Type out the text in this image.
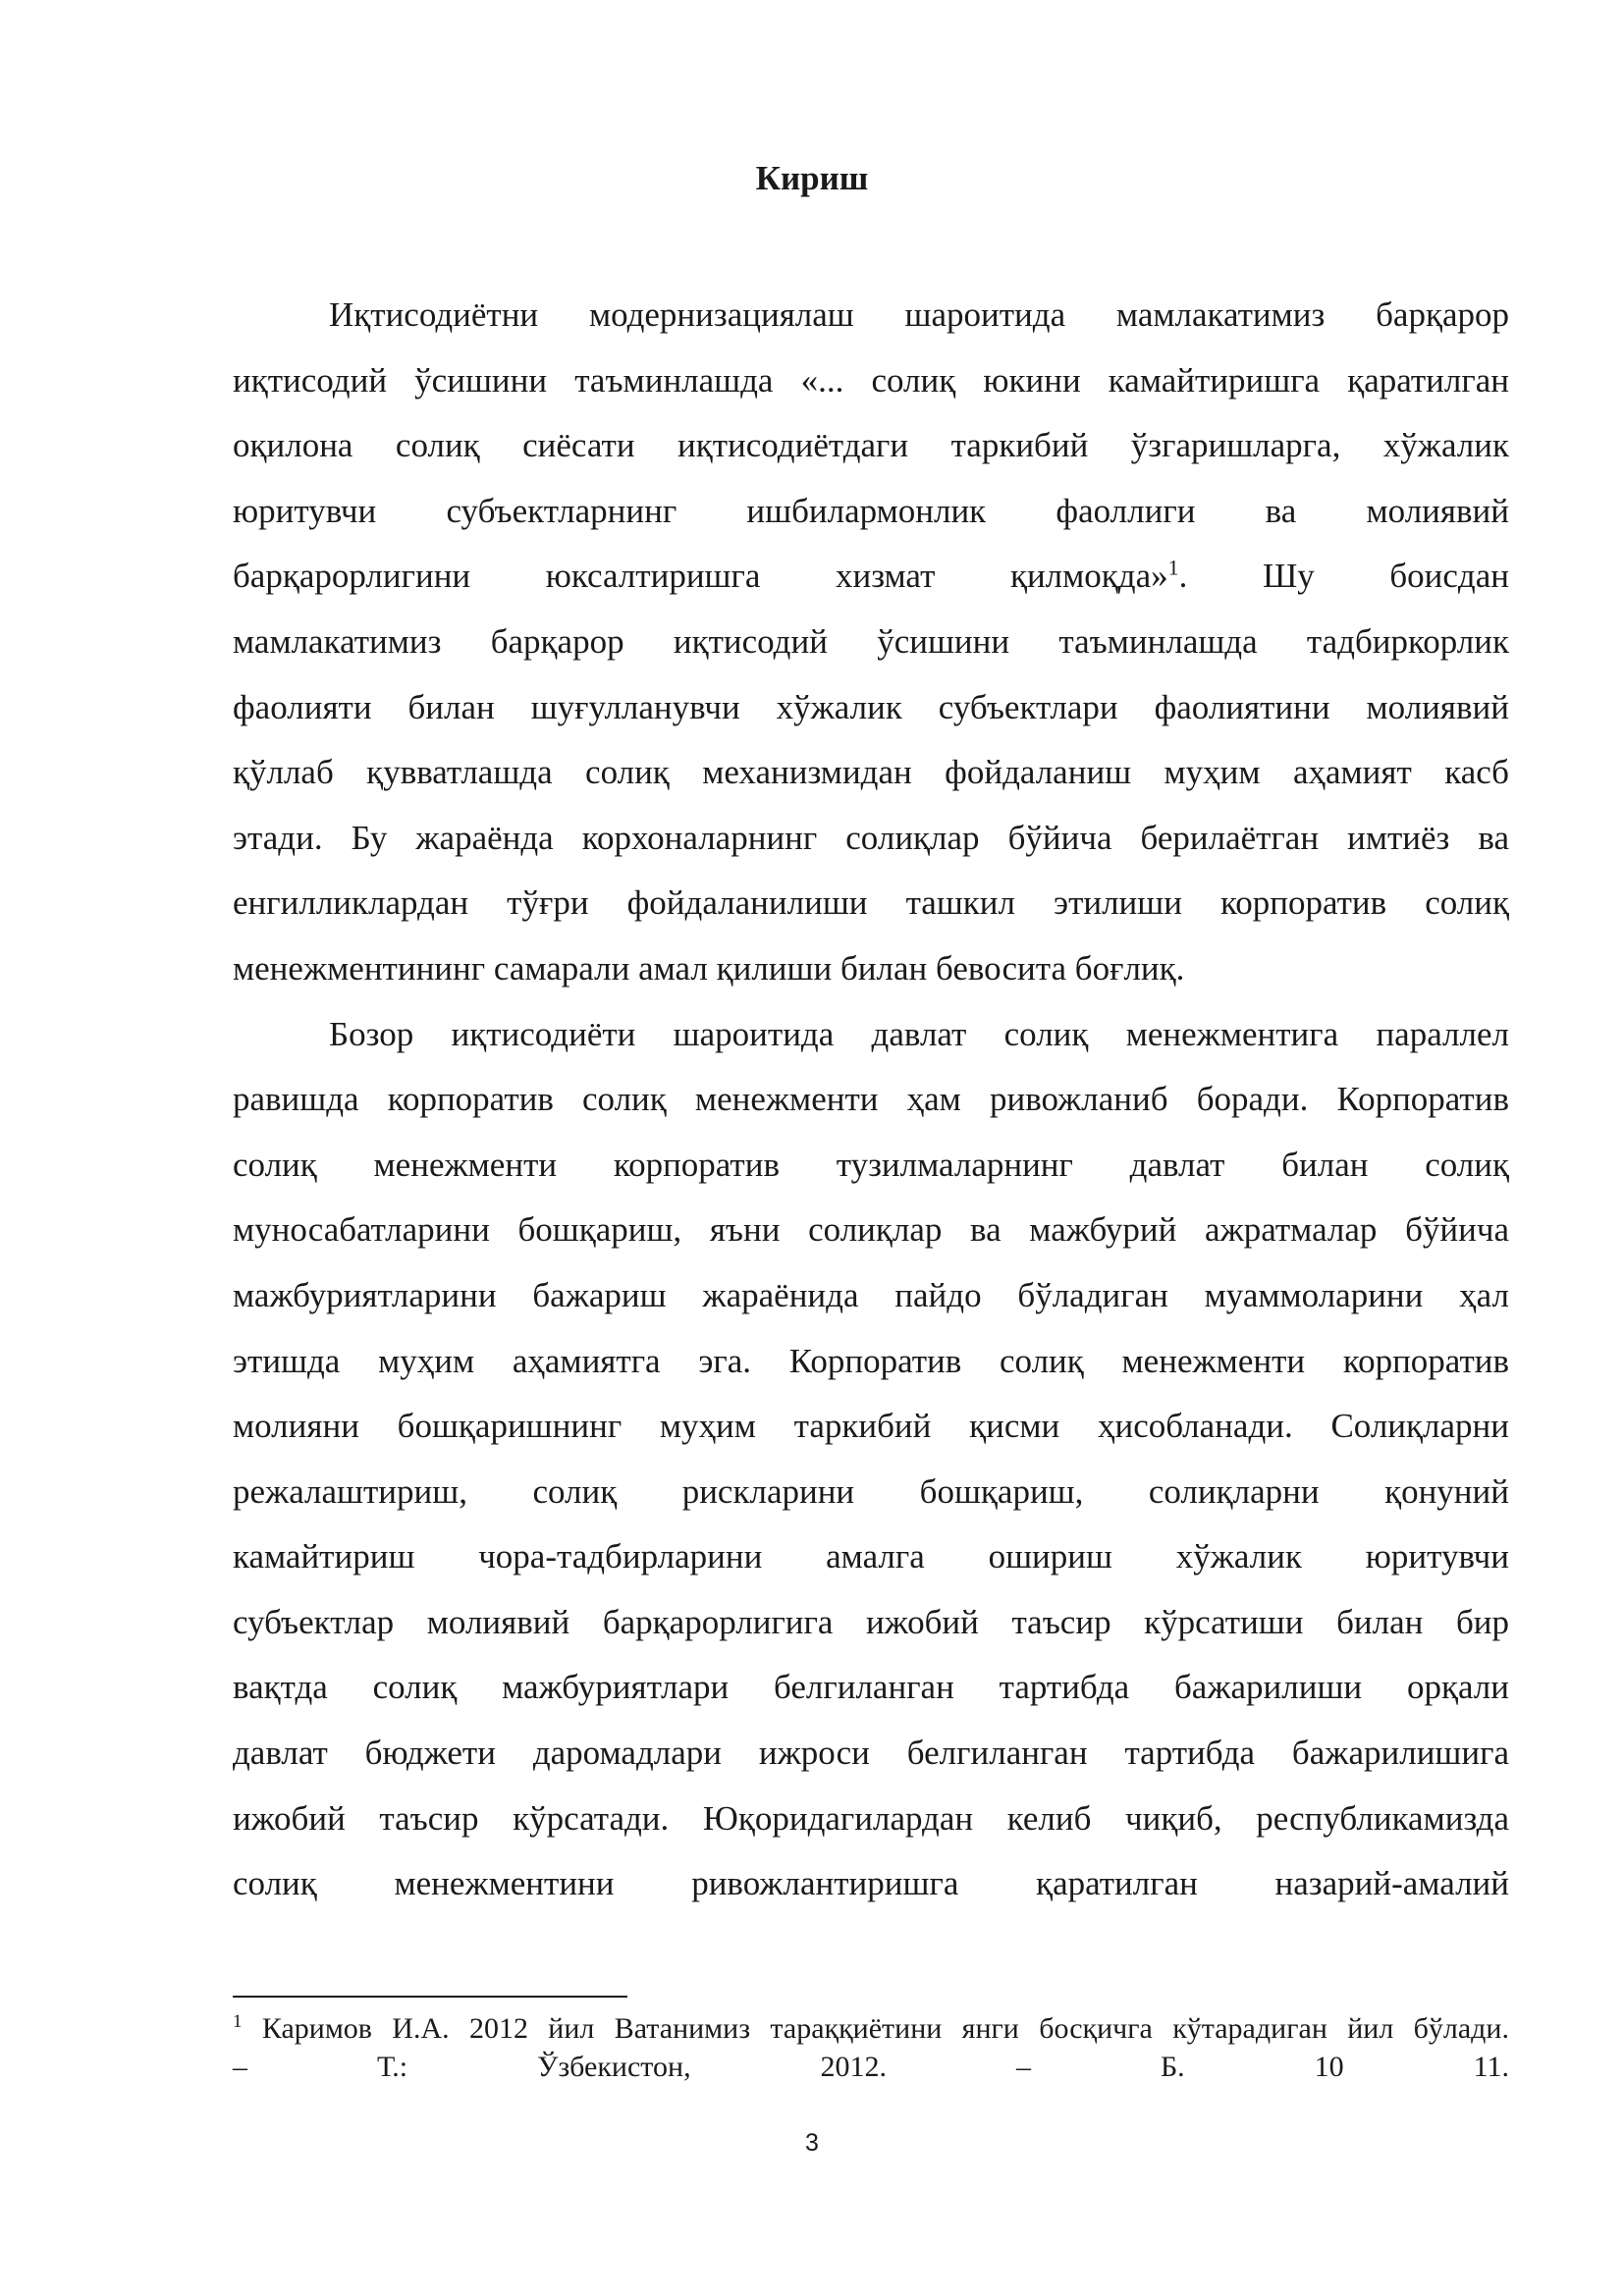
Кириш

Иқтисодиётни модернизациялаш шароитида мамлакатимиз барқарор
иқтисодий ўсишини таъминлашда «... солиқ юкини камайтиришга қаратилган
оқилона солиқ сиёсати иқтисодиётдаги таркибий ўзгаришларга, хўжалик
юритувчи субъектларнинг ишбилармонлик фаоллиги ва молиявий
барқарорлигини юксалтиришга хизмат қилмоқда»$^1$. Шу боисдан
мамлакатимиз барқарор иқтисодий ўсишини таъминлашда тадбиркорлик
фаолияти билан шуғулланувчи хўжалик субъектлари фаолиятини молиявий
қўллаб қувватлашда солиқ механизмидан фойдаланиш муҳим аҳамият касб
этади. Бу жараёнда корхоналарнинг солиқлар бўйича берилаётган имтиёз ва
енгилликлардан тўғри фойдаланилиши ташкил этилиши корпоратив солиқ
менежментининг самарали амал қилиши билан бевосита боғлиқ.

Бозор иқтисодиёти шароитида давлат солиқ менежментига параллел
равишда корпоратив солиқ менежменти ҳам ривожланиб боради. Корпоратив
солиқ менежменти корпоратив тузилмаларнинг давлат билан солиқ
муносабатларини бошқариш, яъни солиқлар ва мажбурий ажратмалар бўйича
мажбуриятларини бажариш жараёнида пайдо бўладиган муаммоларини ҳал
этишда муҳим аҳамиятга эга. Корпоратив солиқ менежменти корпоратив
молияни бошқаришнинг муҳим таркибий қисми ҳисобланади. Солиқларни
режалаштириш, солиқ рискларини бошқариш, солиқларни қонуний
камайтириш чора-тадбирларини амалга ошириш хўжалик юритувчи
субъектлар молиявий барқарорлигига ижобий таъсир кўрсатиши билан бир
вақтда солиқ мажбуриятлари белгиланган тартибда бажарилиши орқали
давлат бюджети даромадлари ижроси белгиланган тартибда бажарилишига
ижобий таъсир кўрсатади. Юқоридагилардан келиб чиқиб, республикамизда
солиқ менежментини ривожлантиришга қаратилган назарий-амалий

$^1$ Каримов И.А. 2012 йил Ватанимиз тараққиётини янги босқичга кўтарадиган йил бўлади.
– Т.: Ўзбекистон, 2012. – Б. 10 11.
3
